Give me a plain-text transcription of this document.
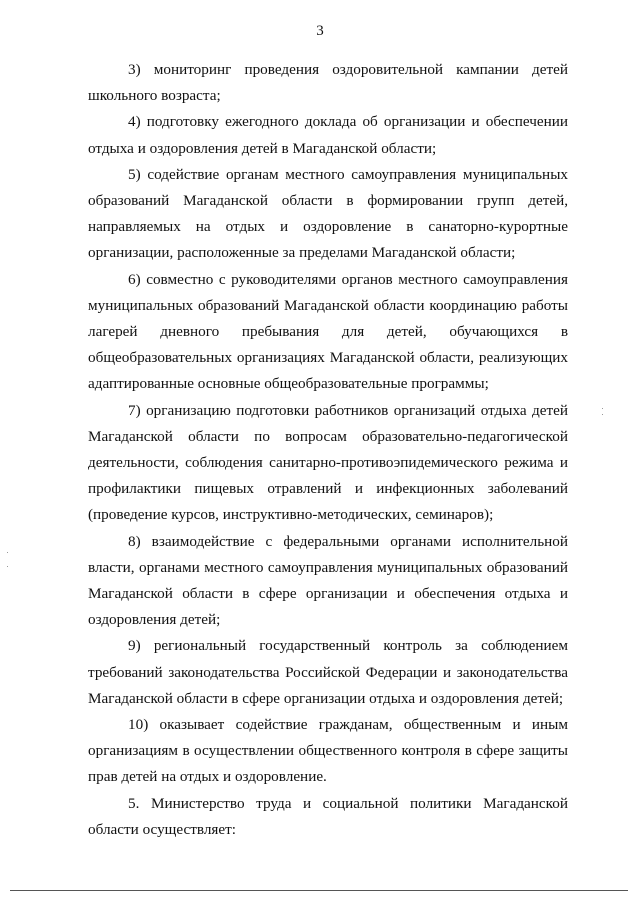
3

3) мониторинг проведения оздоровительной кампании детей школьного возраста;

4) подготовку ежегодного доклада об организации и обеспечении отдыха и оздоровления детей в Магаданской области;

5) содействие органам местного самоуправления муниципальных образований Магаданской области в формировании групп детей, направляемых на отдых и оздоровление в санаторно-курортные организации, расположенные за пределами Магаданской области;

6) совместно с руководителями органов местного самоуправления муниципальных образований Магаданской области координацию работы лагерей дневного пребывания для детей, обучающихся в общеобразовательных организациях Магаданской области, реализующих адаптированные основные общеобразовательные программы;

7) организацию подготовки работников организаций отдыха детей Магаданской области по вопросам образовательно-педагогической деятельности, соблюдения санитарно-противоэпидемического режима и профилактики пищевых отравлений и инфекционных заболеваний (проведение курсов, инструктивно-методических, семинаров);

8) взаимодействие с федеральными органами исполнительной власти, органами местного самоуправления муниципальных образований Магаданской области в сфере организации и обеспечения отдыха и оздоровления детей;

9) региональный государственный контроль за соблюдением требований законодательства Российской Федерации и законодательства Магаданской области в сфере организации отдыха и оздоровления детей;

10) оказывает содействие гражданам, общественным и иным организациям в осуществлении общественного контроля в сфере защиты прав детей на отдых и оздоровление.

5. Министерство труда и социальной политики Магаданской области осуществляет:
